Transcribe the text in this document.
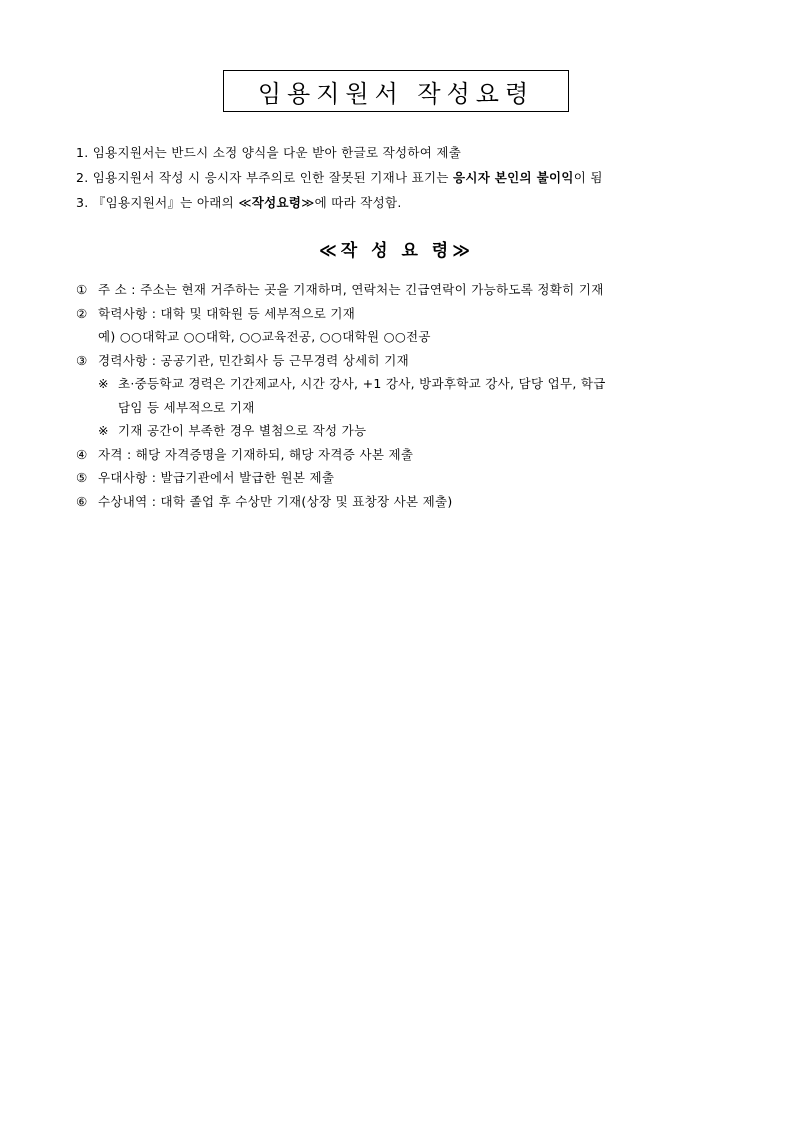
임용지원서 작성요령
1. 임용지원서는 반드시 소정 양식을 다운 받아 한글로 작성하여 제출
2. 임용지원서 작성 시 응시자 부주의로 인한 잘못된 기재나 표기는 응시자 본인의 불이익이 됨
3. 『임용지원서』는 아래의 ≪작성요령≫에 따라 작성함.
≪작 성 요 령≫
① 주 소 : 주소는 현재 거주하는 곳을 기재하며, 연락처는 긴급연락이 가능하도록 정확히 기재
② 학력사항 : 대학 및 대학원 등 세부적으로 기재
예) ○○대학교 ○○대학, ○○교육전공, ○○대학원 ○○전공
③ 경력사항 : 공공기관, 민간회사 등 근무경력 상세히 기재
※ 초·중등학교 경력은 기간제교사, 시간 강사, +1 강사, 방과후학교 강사, 담당 업무, 학급
담임 등 세부적으로 기재
※ 기재 공간이 부족한 경우 별첨으로 작성 가능
④ 자격 : 해당 자격증명을 기재하되, 해당 자격증 사본 제출
⑤ 우대사항 : 발급기관에서 발급한 원본 제출
⑥ 수상내역 : 대학 졸업 후 수상만 기재(상장 및 표창장 사본 제출)
